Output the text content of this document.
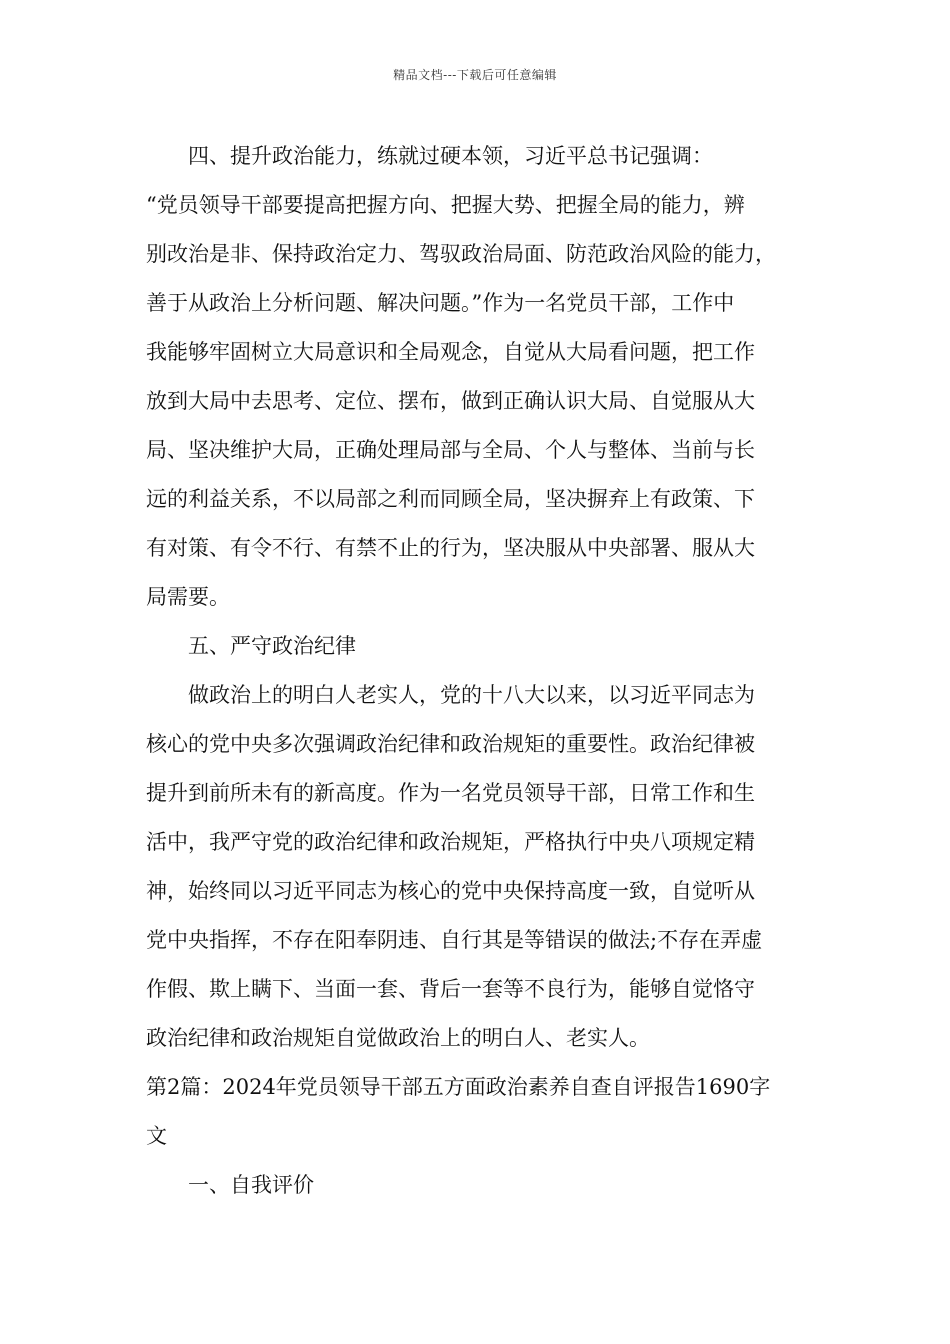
精品文档---下载后可任意编辑
四、提升政治能力，练就过硬本领，习近平总书记强调：
“党员领导干部要提高把握方向、把握大势、把握全局的能力，辨
别改治是非、保持政治定力、驾驭政治局面、防范政治风险的能力，
善于从政治上分析问题、解决问题。”作为一名党员干部，工作中
我能够牢固树立大局意识和全局观念，自觉从大局看问题，把工作
放到大局中去思考、定位、摆布，做到正确认识大局、自觉服从大
局、坚决维护大局，正确处理局部与全局、个人与整体、当前与长
远的利益关系，不以局部之利而同顾全局，坚决摒弃上有政策、下
有对策、有令不行、有禁不止的行为，坚决服从中央部署、服从大
局需要。
五、严守政治纪律
做政治上的明白人老实人，党的十八大以来，以习近平同志为
核心的党中央多次强调政治纪律和政治规矩的重要性。政治纪律被
提升到前所未有的新高度。作为一名党员领导干部，日常工作和生
活中，我严守党的政治纪律和政治规矩，严格执行中央八项规定精
神，始终同以习近平同志为核心的党中央保持高度一致，自觉听从
党中央指挥，不存在阳奉阴违、自行其是等错误的做法;不存在弄虚
作假、欺上瞒下、当面一套、背后一套等不良行为，能够自觉恪守
政治纪律和政治规矩自觉做政治上的明白人、老实人。
第2篇：2024年党员领导干部五方面政治素养自查自评报告1690字
文
一、自我评价
